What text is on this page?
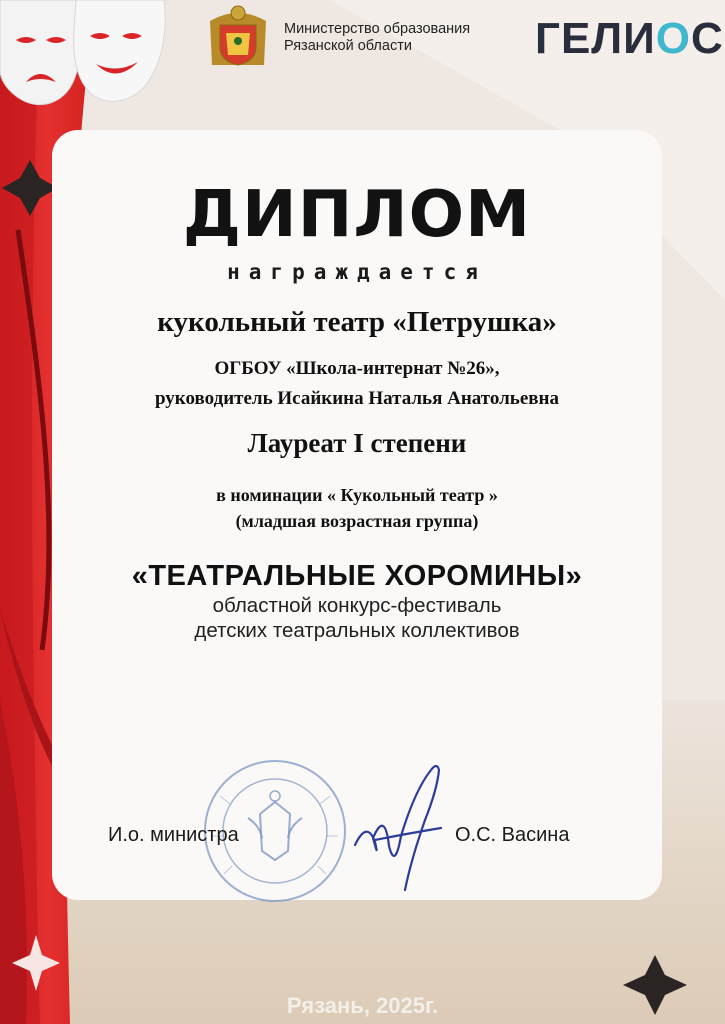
Министерство образования
Рязанской области	ГЕЛИОС
ДИПЛОМ
награждается
кукольный театр «Петрушка»
ОГБОУ «Школа-интернат №26»,
руководитель Исайкина Наталья Анатольевна
Лауреат I степени
в номинации « Кукольный театр »
(младшая возрастная группа)
«ТЕАТРАЛЬНЫЕ ХОРОМИНЫ»
областной конкурс-фестиваль
детских театральных коллективов
И.о. министра	О.С. Васина
Рязань, 2025г.
